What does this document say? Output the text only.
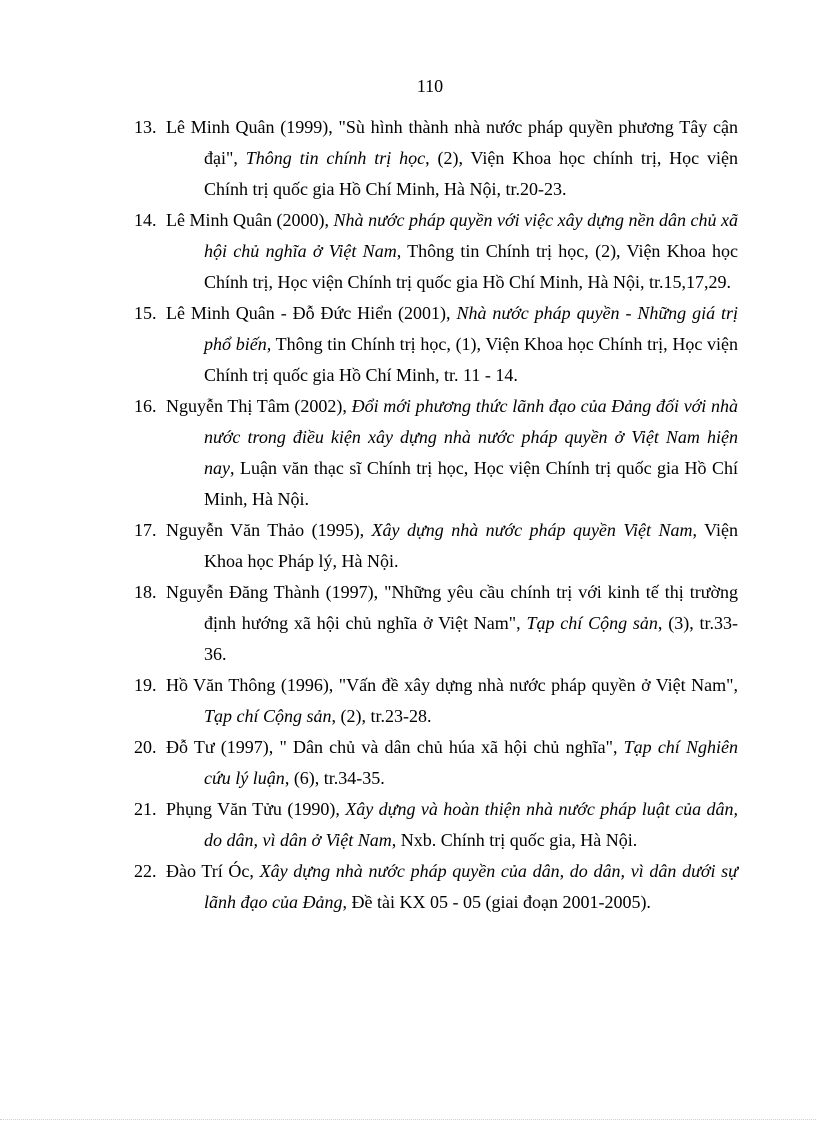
110
13. Lê Minh Quân (1999), "Sù hình thành nhà nước pháp quyền phương Tây cận đại", Thông tin chính trị học, (2), Viện Khoa học chính trị, Học viện Chính trị quốc gia Hồ Chí Minh, Hà Nội, tr.20-23.
14. Lê Minh Quân (2000), Nhà nước pháp quyền với việc xây dựng nền dân chủ xã hội chủ nghĩa ở Việt Nam, Thông tin Chính trị học, (2), Viện Khoa học Chính trị, Học viện Chính trị quốc gia Hồ Chí Minh, Hà Nội, tr.15,17,29.
15. Lê Minh Quân - Đỗ Đức Hiển (2001), Nhà nước pháp quyền - Những giá trị phổ biến, Thông tin Chính trị học, (1), Viện Khoa học Chính trị, Học viện Chính trị quốc gia Hồ Chí Minh, tr. 11 - 14.
16. Nguyễn Thị Tâm (2002), Đổi mới phương thức lãnh đạo của Đảng đối với nhà nước trong điều kiện xây dựng nhà nước pháp quyền ở Việt Nam hiện nay, Luận văn thạc sĩ Chính trị học, Học viện Chính trị quốc gia Hồ Chí Minh, Hà Nội.
17. Nguyễn Văn Thảo (1995), Xây dựng nhà nước pháp quyền Việt Nam, Viện Khoa học Pháp lý, Hà Nội.
18. Nguyễn Đăng Thành (1997), "Những yêu cầu chính trị với kinh tế thị trường định hướng xã hội chủ nghĩa ở Việt Nam", Tạp chí Cộng sản, (3), tr.33-36.
19. Hồ Văn Thông (1996), "Vấn đề xây dựng nhà nước pháp quyền ở Việt Nam", Tạp chí Cộng sản, (2), tr.23-28.
20. Đỗ Tư (1997), " Dân chủ và dân chủ húa xã hội chủ nghĩa", Tạp chí Nghiên cứu lý luận, (6), tr.34-35.
21. Phụng Văn Tửu (1990), Xây dựng và hoàn thiện nhà nước pháp luật của dân, do dân, vì dân ở Việt Nam, Nxb. Chính trị quốc gia, Hà Nội.
22. Đào Trí Óc, Xây dựng nhà nước pháp quyền của dân, do dân, vì dân dưới sự lãnh đạo của Đảng, Đề tài KX 05 - 05 (giai đoạn 2001-2005).
